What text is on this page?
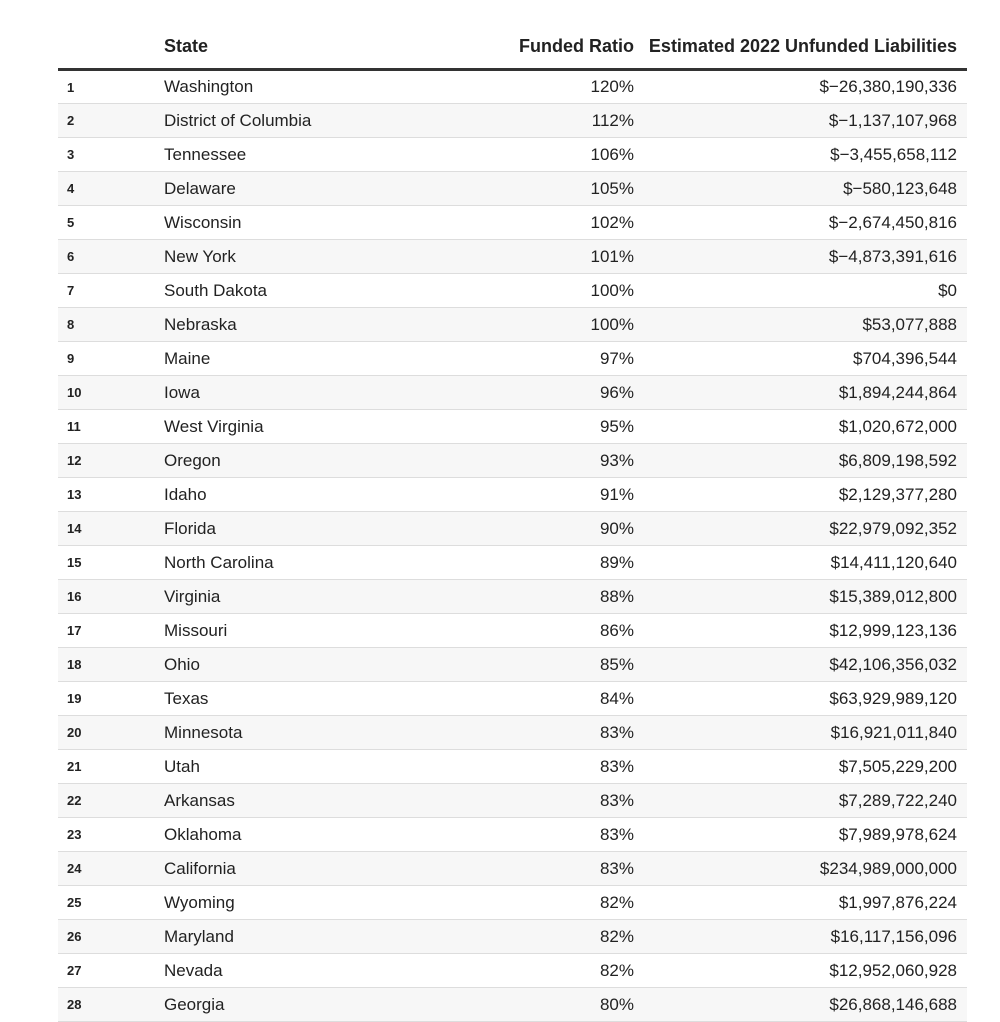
	State	Funded Ratio	Estimated 2022 Unfunded Liabilities
1	Washington	120%	$−26,380,190,336
2	District of Columbia	112%	$−1,137,107,968
3	Tennessee	106%	$−3,455,658,112
4	Delaware	105%	$−580,123,648
5	Wisconsin	102%	$−2,674,450,816
6	New York	101%	$−4,873,391,616
7	South Dakota	100%	$0
8	Nebraska	100%	$53,077,888
9	Maine	97%	$704,396,544
10	Iowa	96%	$1,894,244,864
11	West Virginia	95%	$1,020,672,000
12	Oregon	93%	$6,809,198,592
13	Idaho	91%	$2,129,377,280
14	Florida	90%	$22,979,092,352
15	North Carolina	89%	$14,411,120,640
16	Virginia	88%	$15,389,012,800
17	Missouri	86%	$12,999,123,136
18	Ohio	85%	$42,106,356,032
19	Texas	84%	$63,929,989,120
20	Minnesota	83%	$16,921,011,840
21	Utah	83%	$7,505,229,200
22	Arkansas	83%	$7,289,722,240
23	Oklahoma	83%	$7,989,978,624
24	California	83%	$234,989,000,000
25	Wyoming	82%	$1,997,876,224
26	Maryland	82%	$16,117,156,096
27	Nevada	82%	$12,952,060,928
28	Georgia	80%	$26,868,146,688
